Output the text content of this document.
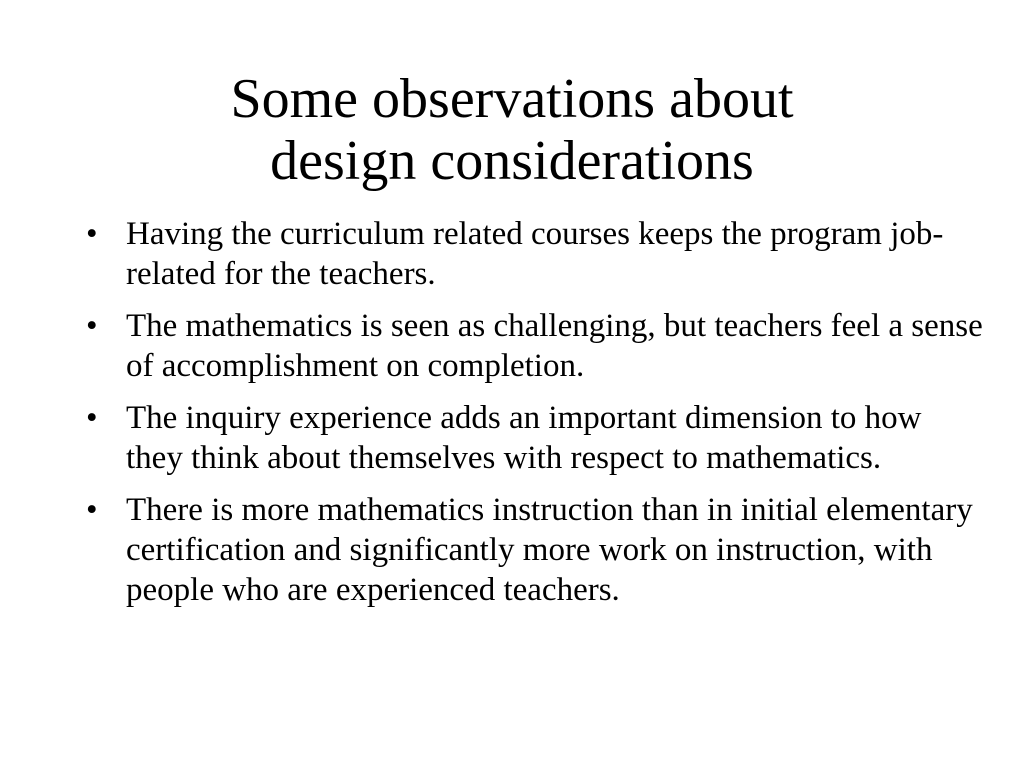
Some observations about
design considerations
• Having the curriculum related courses keeps the program job-related for the teachers.
• The mathematics is seen as challenging, but teachers feel a sense of accomplishment on completion.
• The inquiry experience adds an important dimension to how they think about themselves with respect to mathematics.
• There is more mathematics instruction than in initial elementary certification and significantly more work on instruction, with people who are experienced teachers.
